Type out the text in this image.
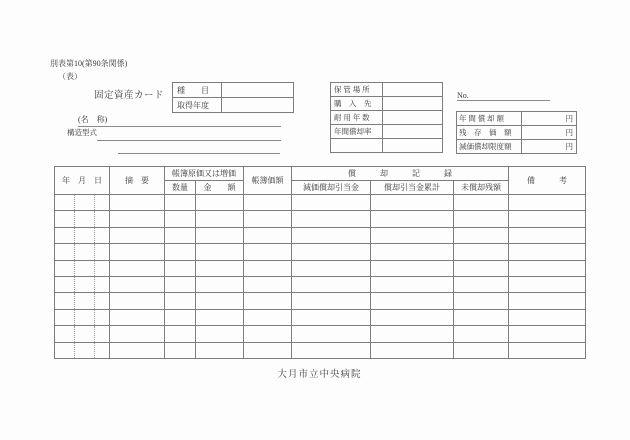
別表第10(第90条関係)
（表）
固定資産カード
種　　目	
取得年度	
保 管 場 所	
購　入　先	
耐 用 年 数	
年間償却率	

No.
年 間 償 却 額	円
残　存　価　額	円
減価償却限度額	円
(名　称)
構造型式
年　月　日	摘　要	帳簿原価又は増価		帳簿価額	償　　　却　　　記　　　録			備　　　考
		数量	金　　額		減価償却引当金	償却引当金累計	未償却残額	

大月市立中央病院
